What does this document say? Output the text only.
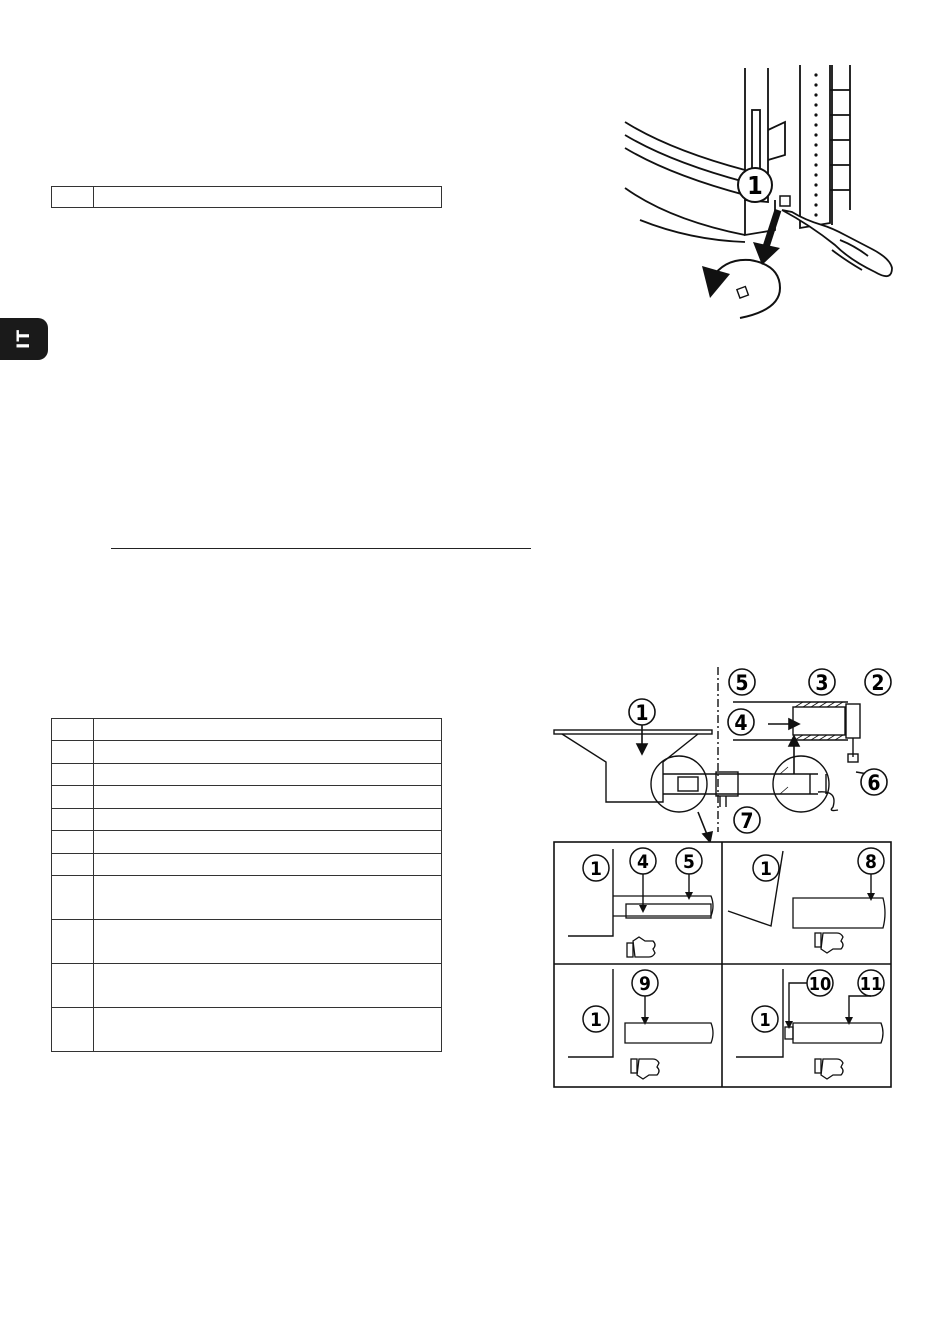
IT

1
1
2
3
4
5
6
7
1 4 5	1	8
1
9
1
10 11
